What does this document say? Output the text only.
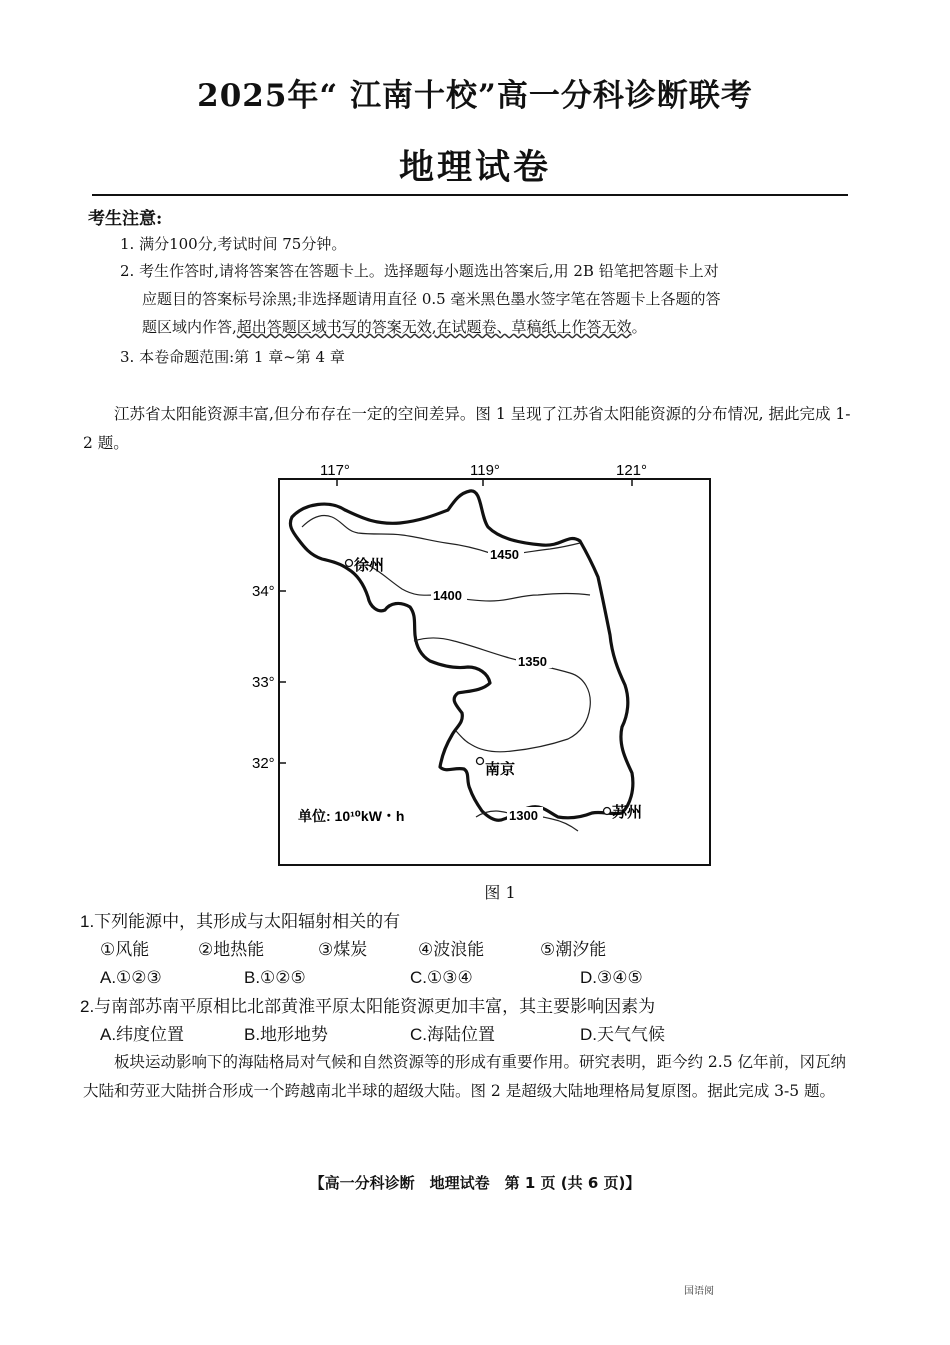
2025年“ 江南十校”高一分科诊断联考
地理试卷
考生注意:
1. 满分100分,考试时间 75分钟。
2. 考生作答时,请将答案答在答题卡上。选择题每小题选出答案后,用 2B 铅笔把答题卡上对
应题目的答案标号涂黑;非选择题请用直径 0.5 毫米黑色墨水签字笔在答题卡上各题的答
题区域内作答,超出答题区域书写的答案无效,在试题卷、草稿纸上作答无效。
3. 本卷命题范围:第 1 章~第 4 章
江苏省太阳能资源丰富,但分布存在一定的空间差异。图 1 呈现了江苏省太阳能资源的分布情况, 据此完成 1-2 题。
117°	119°	121°
34°
33°
32°
1450
1400
1350
1300
徐州
南京
苏州
单位: 10¹⁰kW・h
图 1
1.下列能源中，其形成与太阳辐射相关的有
①风能	②地热能	③煤炭	④波浪能	⑤潮汐能
A.①②③	B.①②⑤	C.①③④	D.③④⑤
2.与南部苏南平原相比北部黄淮平原太阳能资源更加丰富，其主要影响因素为
A.纬度位置	B.地形地势	C.海陆位置	D.天气气候
板块运动影响下的海陆格局对气候和自然资源等的形成有重要作用。研究表明，距今约 2.5 亿年前，冈瓦纳大陆和劳亚大陆拼合形成一个跨越南北半球的超级大陆。图 2 是超级大陆地理格局复原图。据此完成 3-5 题。
【高一分科诊断　地理试卷　第 1 页 (共 6 页)】
国语阅
